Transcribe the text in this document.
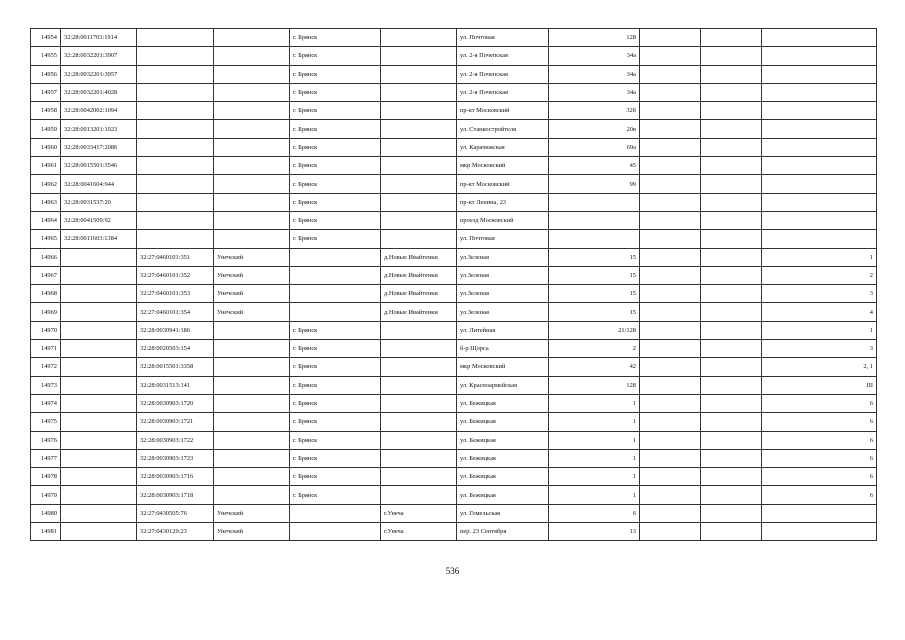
14954	32:28:0011703:1914			г. Брянск		ул. Почтовая	128			
14955	32:28:0032201:3907			г. Брянск		ул. 2-я Почепская	34а			
14956	32:28:0032201:3957			г. Брянск		ул. 2-я Почепская	34а			
14957	32:28:0032201:4028			г. Брянск		ул. 2-я Почепская	34а			
14958	32:28:0042002:1094			г. Брянск		пр-кт Московский	32б			
14959	32:28:0013201:1023			г. Брянск		ул. Станкостройтеля	20в			
14960	32:28:0033417:2086			г. Брянск		ул. Карачижская	69а			
14961	32:28:0015501:3546			г. Брянск		мкр Московский	45			
14962	32:28:0041604:944			г. Брянск		пр-кт Московский	99			
14963	32:28:0031537:20			г. Брянск		пр-кт Ленина, 23				
14964	32:28:0041509:92			г. Брянск		проезд Московский				
14965	32:28:0011603:1384			г. Брянск		ул. Почтовая				
14966		32:27:0460101:351	Унечский		д.Новые Ивайтенки	ул.Зеленая	15			1
14967		32:27:0460101:352	Унечский		д.Новые Ивайтенки	ул.Зеленая	15			2
14968		32:27:0460101:353	Унечский		д.Новые Ивайтенки	ул.Зеленая	15			3
14969		32:27:0460101:354	Унечский		д.Новые Ивайтенки	ул.Зеленая	15			4
14970		32:28:0030941:186		г. Брянск		ул. Литейная	21/128			1
14971		32:28:0020503:154		г. Брянск		б-р Щорса	2			3
14972		32:28:0015501:3358		г. Брянск		мкр Московский	42			2, 1
14973		32:28:0031513:141		г. Брянск		ул. Красноармейская	128			III
14974		32:28:0030903:1720		г. Брянск		ул. Бежицкая	1			6
14975		32:28:0030903:1721		г. Брянск		ул. Бежицкая	1			6
14976		32:28:0030903:1722		г. Брянск		ул. Бежицкая	1			6
14977		32:28:0030903:1723		г. Брянск		ул. Бежицкая	1			6
14978		32:28:0030903:1716		г. Брянск		ул. Бежицкая	1			6
14979		32:28:0030903:1718		г. Брянск		ул. Бежицкая	1			6
14980		32:27:0430505:76	Унечский		г.Унеча	ул. Гомельская	6			
14981		32:27:0430129:23	Унечский		г.Унеча	пер. 23 Сентября	13			
536
